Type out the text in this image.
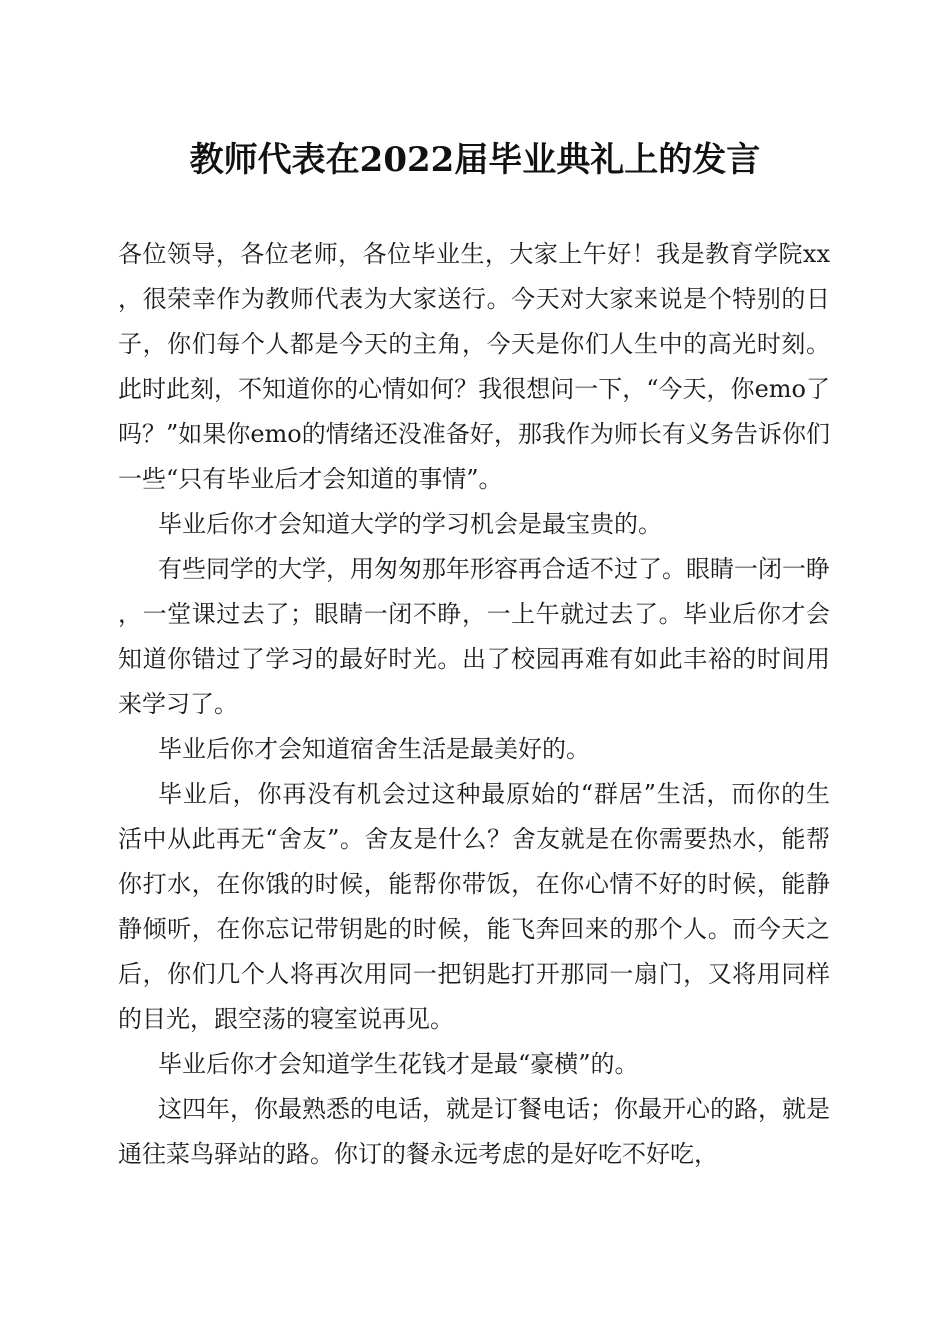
教师代表在2022届毕业典礼上的发言

各位领导，各位老师，各位毕业生，大家上午好！我是教育学院xx，很荣幸作为教师代表为大家送行。今天对大家来说是个特别的日子，你们每个人都是今天的主角，今天是你们人生中的高光时刻。此时此刻，不知道你的心情如何？我很想问一下，“今天，你emo了吗？”如果你emo的情绪还没准备好，那我作为师长有义务告诉你们一些“只有毕业后才会知道的事情”。

毕业后你才会知道大学的学习机会是最宝贵的。

有些同学的大学，用匆匆那年形容再合适不过了。眼睛一闭一睁，一堂课过去了；眼睛一闭不睁，一上午就过去了。毕业后你才会知道你错过了学习的最好时光。出了校园再难有如此丰裕的时间用来学习了。

毕业后你才会知道宿舍生活是最美好的。

毕业后，你再没有机会过这种最原始的“群居”生活，而你的生活中从此再无“舍友”。舍友是什么？舍友就是在你需要热水，能帮你打水，在你饿的时候，能帮你带饭，在你心情不好的时候，能静静倾听，在你忘记带钥匙的时候，能飞奔回来的那个人。而今天之后，你们几个人将再次用同一把钥匙打开那同一扇门，又将用同样的目光，跟空荡的寝室说再见。

毕业后你才会知道学生花钱才是最“豪横”的。

这四年，你最熟悉的电话，就是订餐电话；你最开心的路，就是通往菜鸟驿站的路。你订的餐永远考虑的是好吃不好吃，
